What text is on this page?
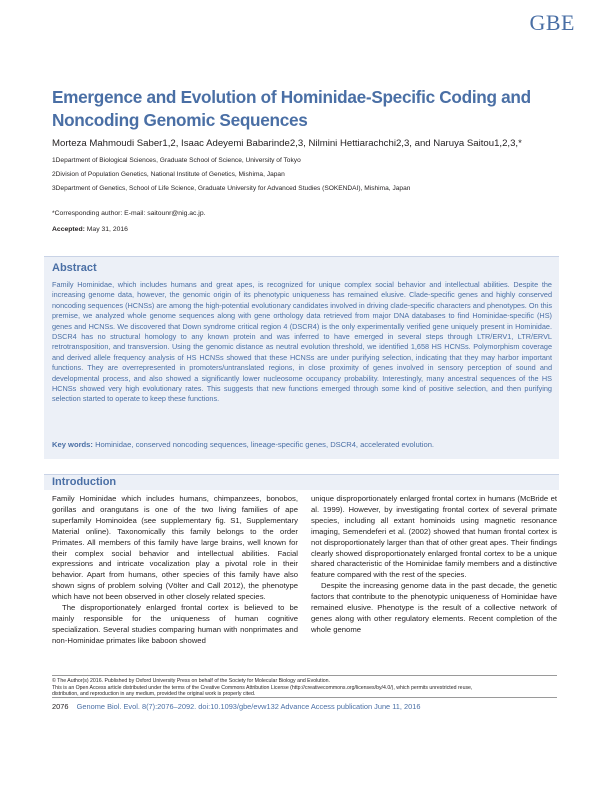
GBE
Emergence and Evolution of Hominidae-Specific Coding and Noncoding Genomic Sequences
Morteza Mahmoudi Saber1,2, Isaac Adeyemi Babarinde2,3, Nilmini Hettiarachchi2,3, and Naruya Saitou1,2,3,*
1Department of Biological Sciences, Graduate School of Science, University of Tokyo
2Division of Population Genetics, National Institute of Genetics, Mishima, Japan
3Department of Genetics, School of Life Science, Graduate University for Advanced Studies (SOKENDAI), Mishima, Japan
*Corresponding author: E-mail: saitounr@nig.ac.jp.
Accepted: May 31, 2016
Abstract

Family Hominidae, which includes humans and great apes, is recognized for unique complex social behavior and intellectual abilities. Despite the increasing genome data, however, the genomic origin of its phenotypic uniqueness has remained elusive. Clade-specific genes and highly conserved noncoding sequences (HCNSs) are among the high-potential evolutionary candidates involved in driving clade-specific characters and phenotypes. On this premise, we analyzed whole genome sequences along with gene orthology data retrieved from major DNA databases to find Hominidae-specific (HS) genes and HCNSs. We discovered that Down syndrome critical region 4 (DSCR4) is the only experimentally verified gene uniquely present in Hominidae. DSCR4 has no structural homology to any known protein and was inferred to have emerged in several steps through LTR/ERV1, LTR/ERVL retrotransposition, and transversion. Using the genomic distance as neutral evolution threshold, we identified 1,658 HS HCNSs. Polymorphism coverage and derived allele frequency analysis of HS HCNSs showed that these HCNSs are under purifying selection, indicating that they may harbor important functions. They are overrepresented in promoters/untranslated regions, in close proximity of genes involved in sensory perception of sound and developmental process, and also showed a significantly lower nucleosome occupancy probability. Interestingly, many ancestral sequences of the HS HCNSs showed very high evolutionary rates. This suggests that new functions emerged through some kind of positive selection, and then purifying selection started to operate to keep these functions.

Key words: Hominidae, conserved noncoding sequences, lineage-specific genes, DSCR4, accelerated evolution.
Introduction

Family Hominidae which includes humans, chimpanzees, bonobos, gorillas and orangutans is one of the two living families of ape superfamily Hominoidea (see supplementary fig. S1, Supplementary Material online). Taxonomically this family belongs to the order Primates. All members of this family have large brains, well known for their complex social behavior and intellectual abilities. Facial expressions and intricate vocalization play a pivotal role in their behavior. Apart from humans, other species of this family have also shown signs of problem solving (Völter and Call 2012), the phenotype which have not been observed in other closely related species.

The disproportionately enlarged frontal cortex is believed to be mainly responsible for the uniqueness of human cognitive specialization. Several studies comparing human with nonprimates and non-Hominidae primates like baboon showed

unique disproportionately enlarged frontal cortex in humans (McBride et al. 1999). However, by investigating frontal cortex of several primate species, including all extant hominoids using magnetic resonance imaging, Semendeferi et al. (2002) showed that human frontal cortex is not disproportionately larger than that of other great apes. Their findings clearly showed disproportionately enlarged frontal cortex to be a unique shared characteristic of the Hominidae family members and a distinctive feature compared with the rest of the species.

Despite the increasing genome data in the past decade, the genetic factors that contribute to the phenotypic uniqueness of Hominidae have remained elusive. Phenotype is the result of a collective network of genes along with other regulatory elements. Recent completion of the whole genome

© The Author(s) 2016. Published by Oxford University Press on behalf of the Society for Molecular Biology and Evolution.
This is an Open Access article distributed under the terms of the Creative Commons Attribution License (http://creativecommons.org/licenses/by/4.0/), which permits unrestricted reuse,
distribution, and reproduction in any medium, provided the original work is properly cited.
2076 Genome Biol. Evol. 8(7):2076–2092. doi:10.1093/gbe/evw132 Advance Access publication June 11, 2016
